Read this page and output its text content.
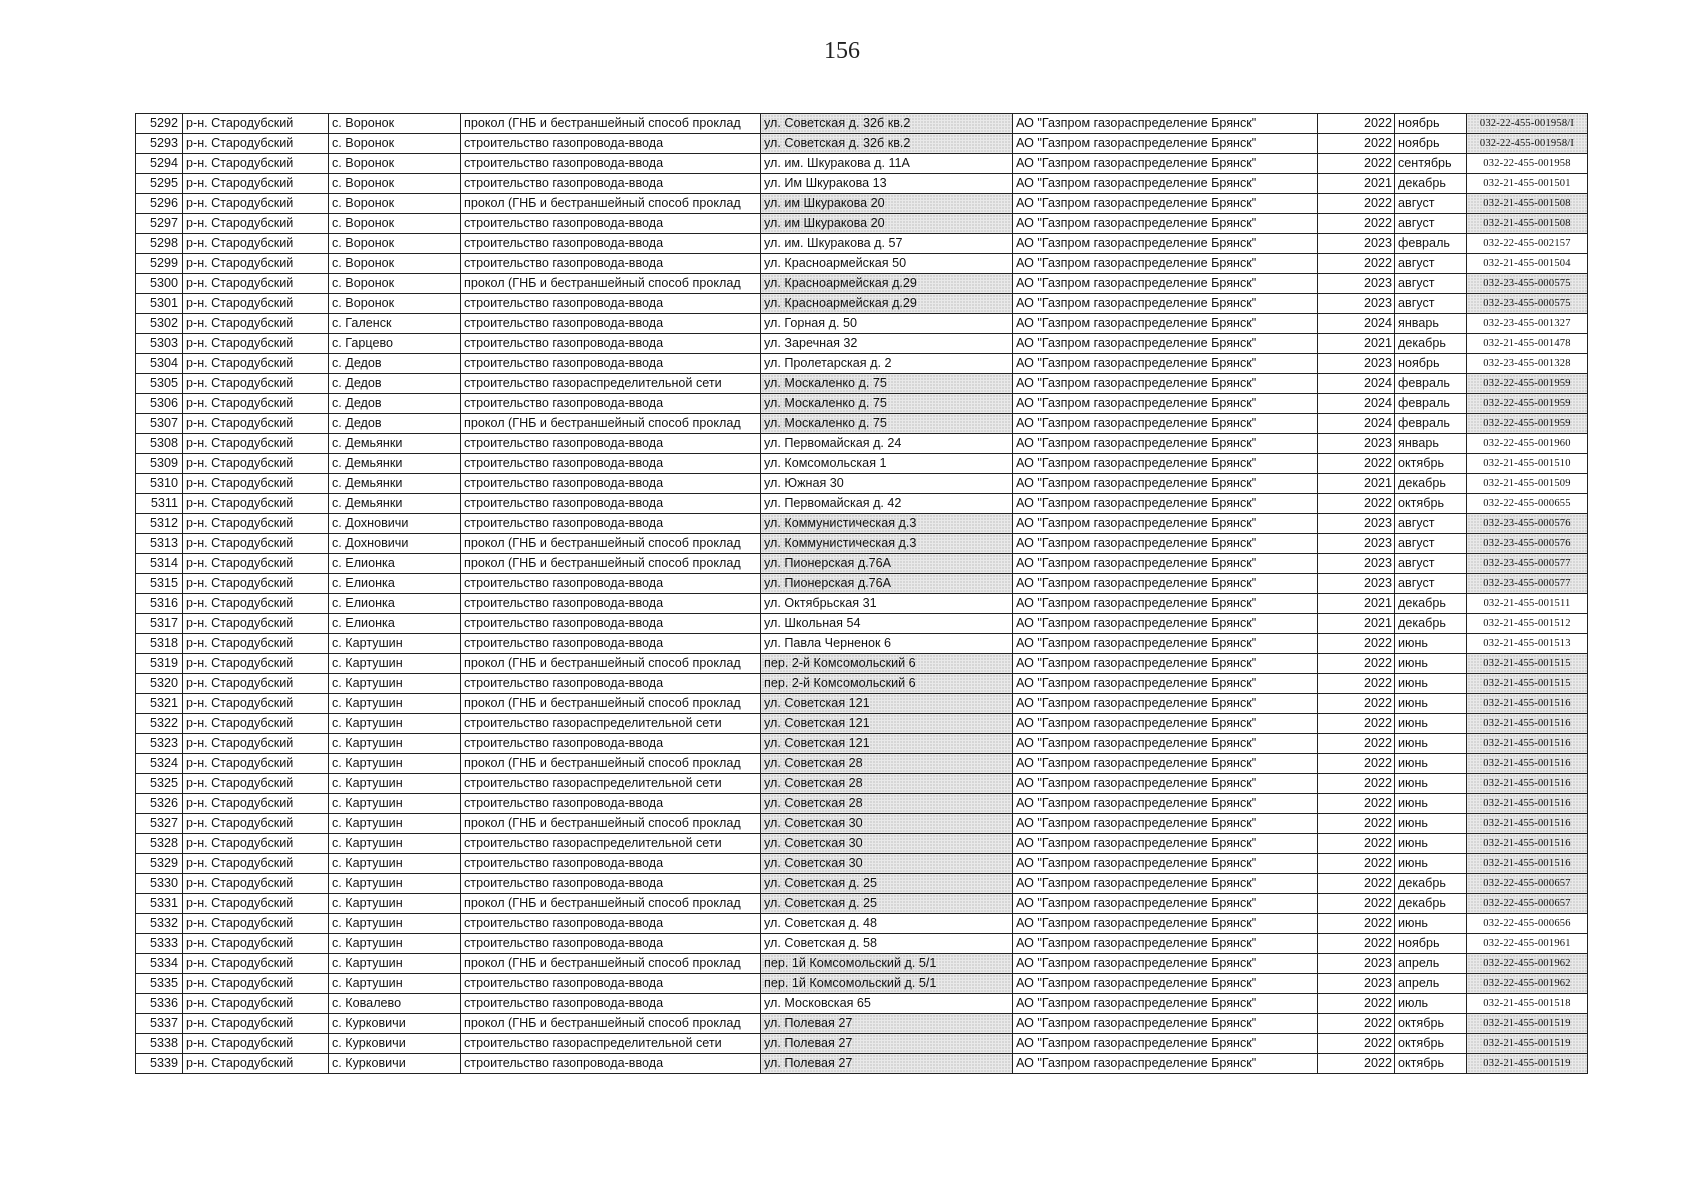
156
5292	р-н. Стародубский	с. Воронок	прокол (ГНБ и бестраншейный способ проклад	ул. Советская д. 32б кв.2	АО "Газпром газораспределение Брянск"	2022	ноябрь	032-22-455-001958/I
5293	р-н. Стародубский	с. Воронок	строительство газопровода-ввода	ул. Советская д. 32б кв.2	АО "Газпром газораспределение Брянск"	2022	ноябрь	032-22-455-001958/I
5294	р-н. Стародубский	с. Воронок	строительство газопровода-ввода	ул. им. Шкуракова д. 11А	АО "Газпром газораспределение Брянск"	2022	сентябрь	032-22-455-001958
5295	р-н. Стародубский	с. Воронок	строительство газопровода-ввода	ул. Им Шкуракова 13	АО "Газпром газораспределение Брянск"	2021	декабрь	032-21-455-001501
5296	р-н. Стародубский	с. Воронок	прокол (ГНБ и бестраншейный способ проклад	ул. им Шкуракова 20	АО "Газпром газораспределение Брянск"	2022	август	032-21-455-001508
5297	р-н. Стародубский	с. Воронок	строительство газопровода-ввода	ул. им Шкуракова 20	АО "Газпром газораспределение Брянск"	2022	август	032-21-455-001508
5298	р-н. Стародубский	с. Воронок	строительство газопровода-ввода	ул. им. Шкуракова д. 57	АО "Газпром газораспределение Брянск"	2023	февраль	032-22-455-002157
5299	р-н. Стародубский	с. Воронок	строительство газопровода-ввода	ул. Красноармейская 50	АО "Газпром газораспределение Брянск"	2022	август	032-21-455-001504
5300	р-н. Стародубский	с. Воронок	прокол (ГНБ и бестраншейный способ проклад	ул. Красноармейская д.29	АО "Газпром газораспределение Брянск"	2023	август	032-23-455-000575
5301	р-н. Стародубский	с. Воронок	строительство газопровода-ввода	ул. Красноармейская д.29	АО "Газпром газораспределение Брянск"	2023	август	032-23-455-000575
5302	р-н. Стародубский	с. Галенск	строительство газопровода-ввода	ул. Горная д. 50	АО "Газпром газораспределение Брянск"	2024	январь	032-23-455-001327
5303	р-н. Стародубский	с. Гарцево	строительство газопровода-ввода	ул. Заречная 32	АО "Газпром газораспределение Брянск"	2021	декабрь	032-21-455-001478
5304	р-н. Стародубский	с. Дедов	строительство газопровода-ввода	ул. Пролетарская д. 2	АО "Газпром газораспределение Брянск"	2023	ноябрь	032-23-455-001328
5305	р-н. Стародубский	с. Дедов	строительство газораспределительной сети	ул. Москаленко д. 75	АО "Газпром газораспределение Брянск"	2024	февраль	032-22-455-001959
5306	р-н. Стародубский	с. Дедов	строительство газопровода-ввода	ул. Москаленко д. 75	АО "Газпром газораспределение Брянск"	2024	февраль	032-22-455-001959
5307	р-н. Стародубский	с. Дедов	прокол (ГНБ и бестраншейный способ проклад	ул. Москаленко д. 75	АО "Газпром газораспределение Брянск"	2024	февраль	032-22-455-001959
5308	р-н. Стародубский	с. Демьянки	строительство газопровода-ввода	ул. Первомайская д. 24	АО "Газпром газораспределение Брянск"	2023	январь	032-22-455-001960
5309	р-н. Стародубский	с. Демьянки	строительство газопровода-ввода	ул. Комсомольская 1	АО "Газпром газораспределение Брянск"	2022	октябрь	032-21-455-001510
5310	р-н. Стародубский	с. Демьянки	строительство газопровода-ввода	ул. Южная 30	АО "Газпром газораспределение Брянск"	2021	декабрь	032-21-455-001509
5311	р-н. Стародубский	с. Демьянки	строительство газопровода-ввода	ул. Первомайская д. 42	АО "Газпром газораспределение Брянск"	2022	октябрь	032-22-455-000655
5312	р-н. Стародубский	с. Дохновичи	строительство газопровода-ввода	ул. Коммунистическая д.3	АО "Газпром газораспределение Брянск"	2023	август	032-23-455-000576
5313	р-н. Стародубский	с. Дохновичи	прокол (ГНБ и бестраншейный способ проклад	ул. Коммунистическая д.3	АО "Газпром газораспределение Брянск"	2023	август	032-23-455-000576
5314	р-н. Стародубский	с. Елионка	прокол (ГНБ и бестраншейный способ проклад	ул. Пионерская д.76А	АО "Газпром газораспределение Брянск"	2023	август	032-23-455-000577
5315	р-н. Стародубский	с. Елионка	строительство газопровода-ввода	ул. Пионерская д.76А	АО "Газпром газораспределение Брянск"	2023	август	032-23-455-000577
5316	р-н. Стародубский	с. Елионка	строительство газопровода-ввода	ул. Октябрьская 31	АО "Газпром газораспределение Брянск"	2021	декабрь	032-21-455-001511
5317	р-н. Стародубский	с. Елионка	строительство газопровода-ввода	ул. Школьная 54	АО "Газпром газораспределение Брянск"	2021	декабрь	032-21-455-001512
5318	р-н. Стародубский	с. Картушин	строительство газопровода-ввода	ул. Павла Черненок 6	АО "Газпром газораспределение Брянск"	2022	июнь	032-21-455-001513
5319	р-н. Стародубский	с. Картушин	прокол (ГНБ и бестраншейный способ проклад	пер. 2-й Комсомольский 6	АО "Газпром газораспределение Брянск"	2022	июнь	032-21-455-001515
5320	р-н. Стародубский	с. Картушин	строительство газопровода-ввода	пер. 2-й Комсомольский 6	АО "Газпром газораспределение Брянск"	2022	июнь	032-21-455-001515
5321	р-н. Стародубский	с. Картушин	прокол (ГНБ и бестраншейный способ проклад	ул. Советская 121	АО "Газпром газораспределение Брянск"	2022	июнь	032-21-455-001516
5322	р-н. Стародубский	с. Картушин	строительство газораспределительной сети	ул. Советская 121	АО "Газпром газораспределение Брянск"	2022	июнь	032-21-455-001516
5323	р-н. Стародубский	с. Картушин	строительство газопровода-ввода	ул. Советская 121	АО "Газпром газораспределение Брянск"	2022	июнь	032-21-455-001516
5324	р-н. Стародубский	с. Картушин	прокол (ГНБ и бестраншейный способ проклад	ул. Советская 28	АО "Газпром газораспределение Брянск"	2022	июнь	032-21-455-001516
5325	р-н. Стародубский	с. Картушин	строительство газораспределительной сети	ул. Советская 28	АО "Газпром газораспределение Брянск"	2022	июнь	032-21-455-001516
5326	р-н. Стародубский	с. Картушин	строительство газопровода-ввода	ул. Советская 28	АО "Газпром газораспределение Брянск"	2022	июнь	032-21-455-001516
5327	р-н. Стародубский	с. Картушин	прокол (ГНБ и бестраншейный способ проклад	ул. Советская 30	АО "Газпром газораспределение Брянск"	2022	июнь	032-21-455-001516
5328	р-н. Стародубский	с. Картушин	строительство газораспределительной сети	ул. Советская 30	АО "Газпром газораспределение Брянск"	2022	июнь	032-21-455-001516
5329	р-н. Стародубский	с. Картушин	строительство газопровода-ввода	ул. Советская 30	АО "Газпром газораспределение Брянск"	2022	июнь	032-21-455-001516
5330	р-н. Стародубский	с. Картушин	строительство газопровода-ввода	ул. Советская д. 25	АО "Газпром газораспределение Брянск"	2022	декабрь	032-22-455-000657
5331	р-н. Стародубский	с. Картушин	прокол (ГНБ и бестраншейный способ проклад	ул. Советская д. 25	АО "Газпром газораспределение Брянск"	2022	декабрь	032-22-455-000657
5332	р-н. Стародубский	с. Картушин	строительство газопровода-ввода	ул. Советская д. 48	АО "Газпром газораспределение Брянск"	2022	июнь	032-22-455-000656
5333	р-н. Стародубский	с. Картушин	строительство газопровода-ввода	ул. Советская д. 58	АО "Газпром газораспределение Брянск"	2022	ноябрь	032-22-455-001961
5334	р-н. Стародубский	с. Картушин	прокол (ГНБ и бестраншейный способ проклад	пер. 1й Комсомольский д. 5/1	АО "Газпром газораспределение Брянск"	2023	апрель	032-22-455-001962
5335	р-н. Стародубский	с. Картушин	строительство газопровода-ввода	пер. 1й Комсомольский д. 5/1	АО "Газпром газораспределение Брянск"	2023	апрель	032-22-455-001962
5336	р-н. Стародубский	с. Ковалево	строительство газопровода-ввода	ул. Московская 65	АО "Газпром газораспределение Брянск"	2022	июль	032-21-455-001518
5337	р-н. Стародубский	с. Курковичи	прокол (ГНБ и бестраншейный способ проклад	ул. Полевая 27	АО "Газпром газораспределение Брянск"	2022	октябрь	032-21-455-001519
5338	р-н. Стародубский	с. Курковичи	строительство газораспределительной сети	ул. Полевая 27	АО "Газпром газораспределение Брянск"	2022	октябрь	032-21-455-001519
5339	р-н. Стародубский	с. Курковичи	строительство газопровода-ввода	ул. Полевая 27	АО "Газпром газораспределение Брянск"	2022	октябрь	032-21-455-001519
